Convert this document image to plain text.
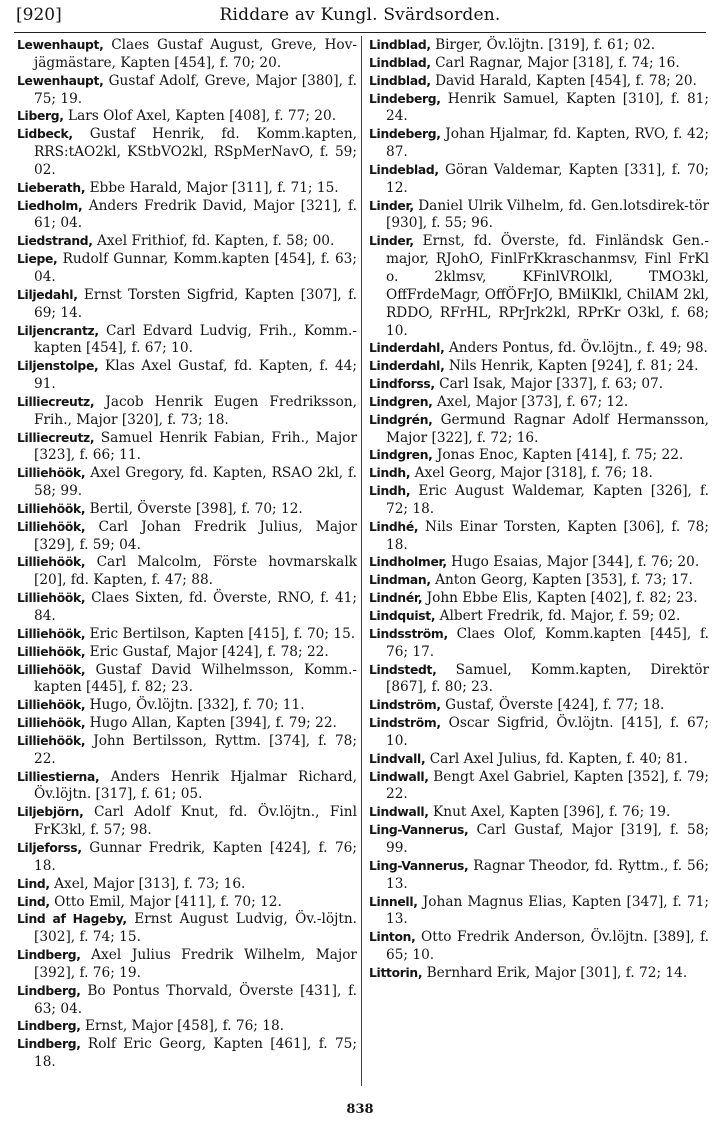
[920]	Riddare av Kungl. Svärdsorden.

Lewenhaupt, Claes Gustaf August, Greve, Hov-jägmästare, Kapten [454], f. 70; 20.

Lewenhaupt, Gustaf Adolf, Greve, Major [380], f. 75; 19.

Liberg, Lars Olof Axel, Kapten [408], f. 77; 20.

Lidbeck, Gustaf Henrik, fd. Komm.kapten, RRS:tAO2kl, KStbVO2kl, RSpMerNavO, f. 59; 02.

Lieberath, Ebbe Harald, Major [311], f. 71; 15.

Liedholm, Anders Fredrik David, Major [321], f. 61; 04.

Liedstrand, Axel Frithiof, fd. Kapten, f. 58; 00.

Liepe, Rudolf Gunnar, Komm.kapten [454], f. 63; 04.

Liljedahl, Ernst Torsten Sigfrid, Kapten [307], f. 69; 14.

Liljencrantz, Carl Edvard Ludvig, Frih., Komm.-kapten [454], f. 67; 10.

Liljenstolpe, Klas Axel Gustaf, fd. Kapten, f. 44; 91.

Lilliecreutz, Jacob Henrik Eugen Fredriksson, Frih., Major [320], f. 73; 18.

Lilliecreutz, Samuel Henrik Fabian, Frih., Major [323], f. 66; 11.

Lilliehöök, Axel Gregory, fd. Kapten, RSAO 2kl, f. 58; 99.

Lilliehöök, Bertil, Överste [398], f. 70; 12.

Lilliehöök, Carl Johan Fredrik Julius, Major [329], f. 59; 04.

Lilliehöök, Carl Malcolm, Förste hovmarskalk [20], fd. Kapten, f. 47; 88.

Lilliehöök, Claes Sixten, fd. Överste, RNO, f. 41; 84.

Lilliehöök, Eric Bertilson, Kapten [415], f. 70; 15.

Lilliehöök, Eric Gustaf, Major [424], f. 78; 22.

Lilliehöök, Gustaf David Wilhelmsson, Komm.-kapten [445], f. 82; 23.

Lilliehöök, Hugo, Öv.löjtn. [332], f. 70; 11.

Lilliehöök, Hugo Allan, Kapten [394], f. 79; 22.

Lilliehöök, John Bertilsson, Ryttm. [374], f. 78; 22.

Lilliestierna, Anders Henrik Hjalmar Richard, Öv.löjtn. [317], f. 61; 05.

Liljebjörn, Carl Adolf Knut, fd. Öv.löjtn., Finl FrK3kl, f. 57; 98.

Liljeforss, Gunnar Fredrik, Kapten [424], f. 76; 18.

Lind, Axel, Major [313], f. 73; 16.

Lind, Otto Emil, Major [411], f. 70; 12.

Lind af Hageby, Ernst August Ludvig, Öv.-löjtn. [302], f. 74; 15.

Lindberg, Axel Julius Fredrik Wilhelm, Major [392], f. 76; 19.

Lindberg, Bo Pontus Thorvald, Överste [431], f. 63; 04.

Lindberg, Ernst, Major [458], f. 76; 18.

Lindberg, Rolf Eric Georg, Kapten [461], f. 75; 18.

Lindblad, Birger, Öv.löjtn. [319], f. 61; 02.

Lindblad, Carl Ragnar, Major [318], f. 74; 16.

Lindblad, David Harald, Kapten [454], f. 78; 20.

Lindeberg, Henrik Samuel, Kapten [310], f. 81; 24.

Lindeberg, Johan Hjalmar, fd. Kapten, RVO, f. 42; 87.

Lindeblad, Göran Valdemar, Kapten [331], f. 70; 12.

Linder, Daniel Ulrik Vilhelm, fd. Gen.lotsdirek-tör [930], f. 55; 96.

Linder, Ernst, fd. Överste, fd. Finländsk Gen.-major, RJohO, FinlFrKkraschanmsv, Finl FrKl o. 2klmsv, KFinlVROlkl, TMO3kl, OffFrdeMagr, OffÖFrJO, BMilKlkl, ChilAM 2kl, RDDO, RFrHL, RPrJrk2kl, RPrKr O3kl, f. 68; 10.

Linderdahl, Anders Pontus, fd. Öv.löjtn., f. 49; 98.

Linderdahl, Nils Henrik, Kapten [924], f. 81; 24.

Lindforss, Carl Isak, Major [337], f. 63; 07.

Lindgren, Axel, Major [373], f. 67; 12.

Lindgrén, Germund Ragnar Adolf Hermansson, Major [322], f. 72; 16.

Lindgren, Jonas Enoc, Kapten [414], f. 75; 22.

Lindh, Axel Georg, Major [318], f. 76; 18.

Lindh, Eric August Waldemar, Kapten [326], f. 72; 18.

Lindhé, Nils Einar Torsten, Kapten [306], f. 78; 18.

Lindholmer, Hugo Esaias, Major [344], f. 76; 20.

Lindman, Anton Georg, Kapten [353], f. 73; 17.

Lindnér, John Ebbe Elis, Kapten [402], f. 82; 23.

Lindquist, Albert Fredrik, fd. Major, f. 59; 02.

Lindsström, Claes Olof, Komm.kapten [445], f. 76; 17.

Lindstedt, Samuel, Komm.kapten, Direktör [867], f. 80; 23.

Lindström, Gustaf, Överste [424], f. 77; 18.

Lindström, Oscar Sigfrid, Öv.löjtn. [415], f. 67; 10.

Lindvall, Carl Axel Julius, fd. Kapten, f. 40; 81.

Lindwall, Bengt Axel Gabriel, Kapten [352], f. 79; 22.

Lindwall, Knut Axel, Kapten [396], f. 76; 19.

Ling-Vannerus, Carl Gustaf, Major [319], f. 58; 99.

Ling-Vannerus, Ragnar Theodor, fd. Ryttm., f. 56; 13.

Linnell, Johan Magnus Elias, Kapten [347], f. 71; 13.

Linton, Otto Fredrik Anderson, Öv.löjtn. [389], f. 65; 10.

Littorin, Bernhard Erik, Major [301], f. 72; 14.

838
